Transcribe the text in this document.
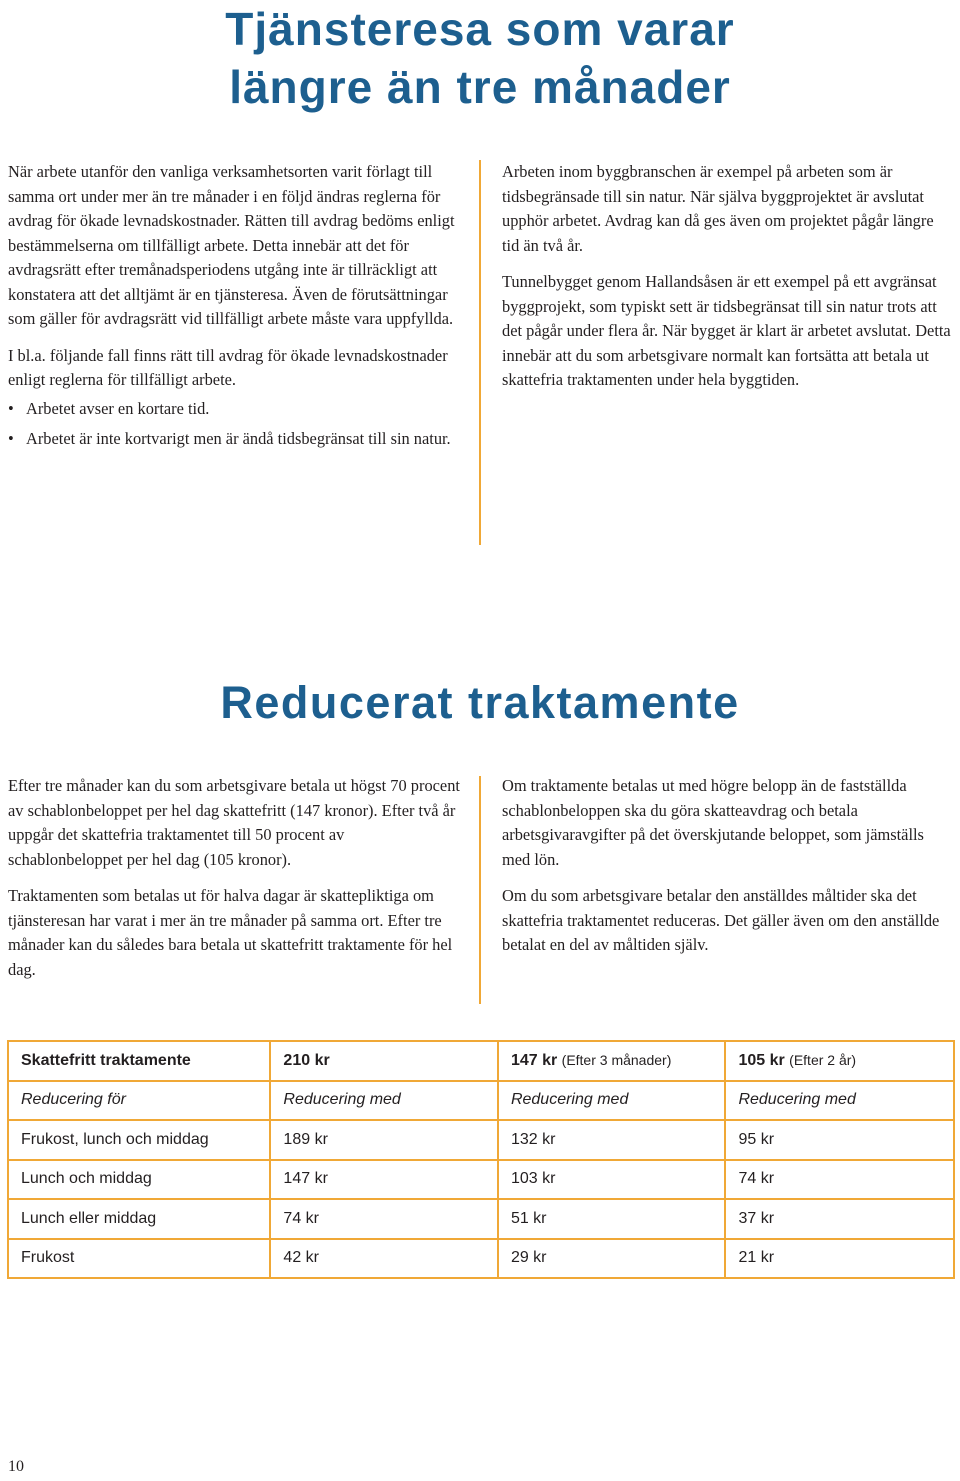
Tjänsteresa som varar
längre än tre månader

När arbete utanför den vanliga verksamhetsorten varit förlagt till samma ort under mer än tre månader i en följd ändras reglerna för avdrag för ökade levnadskostnader. Rätten till avdrag bedöms enligt bestämmelserna om tillfälligt arbete. Detta innebär att det för avdragsrätt efter tremånadsperiodens utgång inte är tillräckligt att konstatera att det alltjämt är en tjänsteresa. Även de förutsättningar som gäller för avdragsrätt vid tillfälligt arbete måste vara uppfyllda.

I bl.a. följande fall finns rätt till avdrag för ökade levnadskostnader enligt reglerna för tillfälligt arbete.

• Arbetet avser en kortare tid.
• Arbetet är inte kortvarigt men är ändå tidsbegränsat till sin natur.

Arbeten inom byggbranschen är exempel på arbeten som är tidsbegränsade till sin natur. När själva byggprojektet är avslutat upphör arbetet. Avdrag kan då ges även om projektet pågår längre tid än två år.

Tunnelbygget genom Hallandsåsen är ett exempel på ett avgränsat byggprojekt, som typiskt sett är tidsbegränsat till sin natur trots att det pågår under flera år. När bygget är klart är arbetet avslutat. Detta innebär att du som arbetsgivare normalt kan fortsätta att betala ut skattefria traktamenten under hela byggtiden.

Reducerat traktamente

Efter tre månader kan du som arbetsgivare betala ut högst 70 procent av schablonbeloppet per hel dag skattefritt (147 kronor). Efter två år uppgår det skattefria traktamentet till 50 procent av schablonbeloppet per hel dag (105 kronor).

Traktamenten som betalas ut för halva dagar är skattepliktiga om tjänsteresan har varat i mer än tre månader på samma ort. Efter tre månader kan du således bara betala ut skattefritt traktamente för hel dag.

Om traktamente betalas ut med högre belopp än de fastställda schablonbeloppen ska du göra skatteavdrag och betala arbetsgivaravgifter på det överskjutande beloppet, som jämställs med lön.

Om du som arbetsgivare betalar den anställdes måltider ska det skattefria traktamentet reduceras. Det gäller även om den anställde betalat en del av måltiden själv.

Skattefritt traktamente	210 kr	147 kr (Efter 3 månader)	105 kr (Efter 2 år)
Reducering för	Reducering med	Reducering med	Reducering med
Frukost, lunch och middag	189 kr	132 kr	95 kr
Lunch och middag	147 kr	103 kr	74 kr
Lunch eller middag	74 kr	51 kr	37 kr
Frukost	42 kr	29 kr	21 kr
10
